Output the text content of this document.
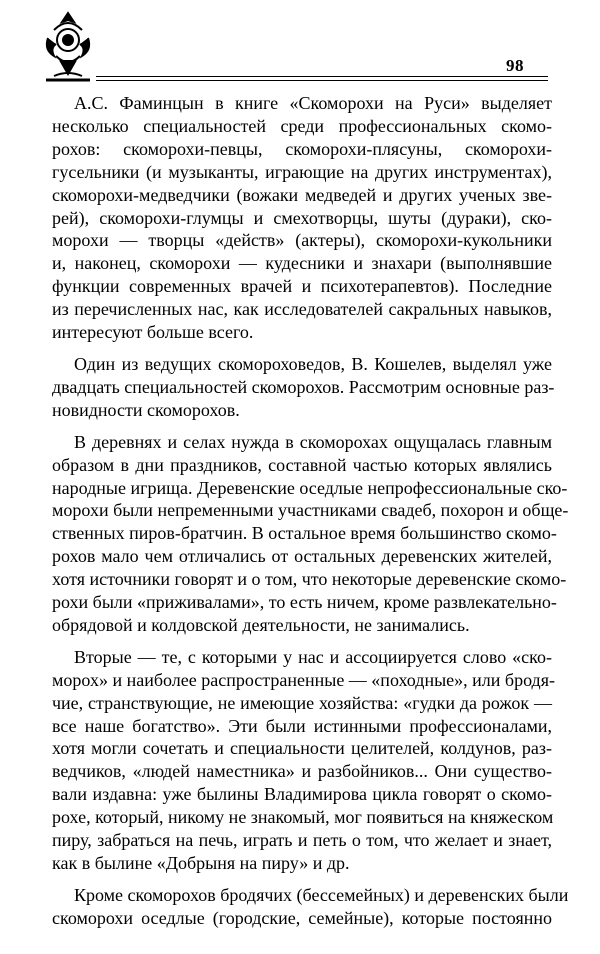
98

А.С. Фаминцын в книге «Скоморохи на Руси» выделяет
несколько специальностей среди профессиональных скомо-
рохов: скоморохи-певцы, скоморохи-плясуны, скоморохи-
гусельники (и музыканты, играющие на других инструментах),
скоморохи-медведчики (вожаки медведей и других ученых зве-
рей), скоморохи-глумцы и смехотворцы, шуты (дураки), ско-
морохи — творцы «действ» (актеры), скоморохи-кукольники
и, наконец, скоморохи — кудесники и знахари (выполнявшие
функции современных врачей и психотерапевтов). Последние
из перечисленных нас, как исследователей сакральных навыков,
интересуют больше всего.

Один из ведущих скомороховедов, В. Кошелев, выделял уже
двадцать специальностей скоморохов. Рассмотрим основные раз-
новидности скоморохов.

В деревнях и селах нужда в скоморохах ощущалась главным
образом в дни праздников, составной частью которых являлись
народные игрища. Деревенские оседлые непрофессиональные ско-
морохи были непременными участниками свадеб, похорон и обще-
ственных пиров-братчин. В остальное время большинство скомо-
рохов мало чем отличались от остальных деревенских жителей,
хотя источники говорят и о том, что некоторые деревенские скомо-
рохи были «приживалами», то есть ничем, кроме развлекательно-
обрядовой и колдовской деятельности, не занимались.

Вторые — те, с которыми у нас и ассоциируется слово «ско-
морох» и наиболее распространенные — «походные», или бродя-
чие, странствующие, не имеющие хозяйства: «гудки да рожок —
все наше богатство». Эти были истинными профессионалами,
хотя могли сочетать и специальности целителей, колдунов, раз-
ведчиков, «людей наместника» и разбойников... Они существо-
вали издавна: уже былины Владимирова цикла говорят о скомо-
рохе, который, никому не знакомый, мог появиться на княжеском
пиру, забраться на печь, играть и петь о том, что желает и знает,
как в былине «Добрыня на пиру» и др.

Кроме скоморохов бродячих (бессемейных) и деревенских были
скоморохи оседлые (городские, семейные), которые постоянно
